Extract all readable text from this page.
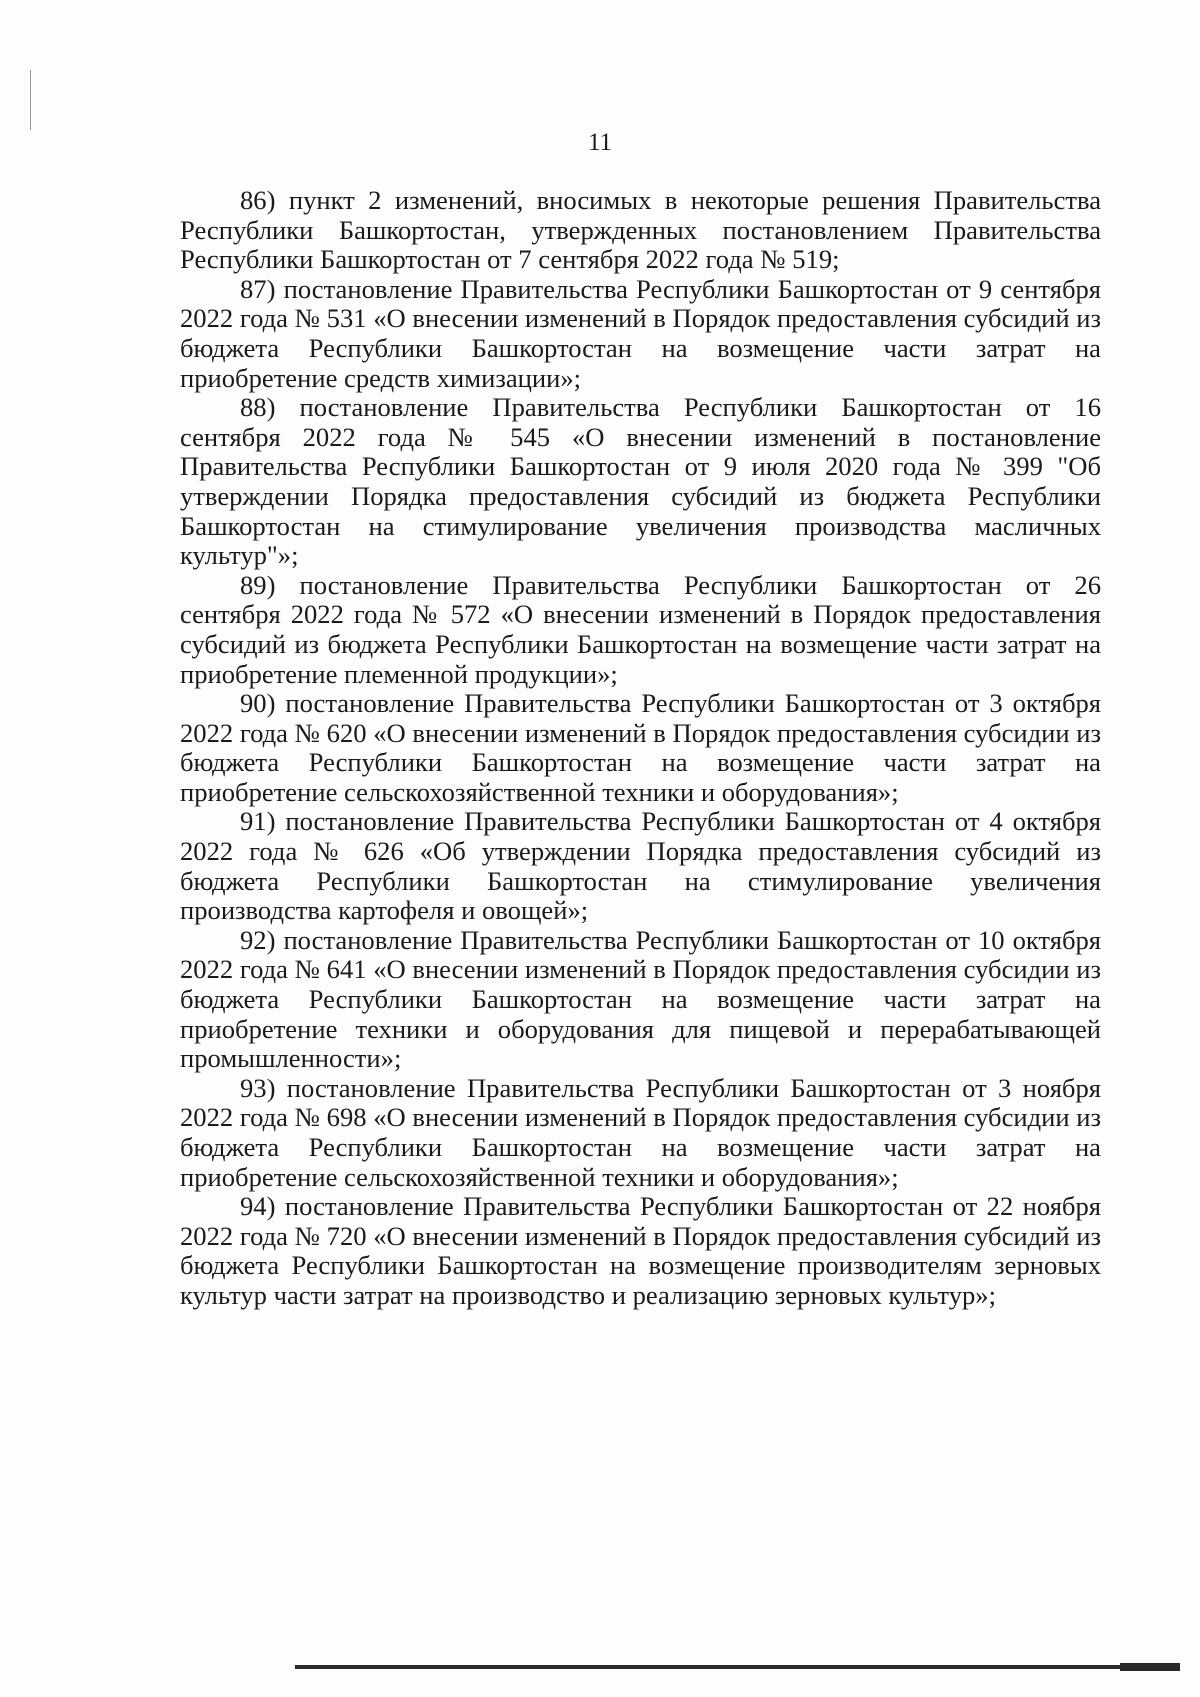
11

86) пункт 2 изменений, вносимых в некоторые решения Правительства Республики Башкортостан, утвержденных постановлением Правительства Республики Башкортостан от 7 сентября 2022 года № 519;

87) постановление Правительства Республики Башкортостан от 9 сентября 2022 года № 531 «О внесении изменений в Порядок предоставления субсидий из бюджета Республики Башкортостан на возмещение части затрат на приобретение средств химизации»;

88) постановление Правительства Республики Башкортостан от 16 сентября 2022 года № 545 «О внесении изменений в постановление Правительства Республики Башкортостан от 9 июля 2020 года № 399 "Об утверждении Порядка предоставления субсидий из бюджета Республики Башкортостан на стимулирование увеличения производства масличных культур"»;

89) постановление Правительства Республики Башкортостан от 26 сентября 2022 года № 572 «О внесении изменений в Порядок предоставления субсидий из бюджета Республики Башкортостан на возмещение части затрат на приобретение племенной продукции»;

90) постановление Правительства Республики Башкортостан от 3 октября 2022 года № 620 «О внесении изменений в Порядок предоставления субсидии из бюджета Республики Башкортостан на возмещение части затрат на приобретение сельскохозяйственной техники и оборудования»;

91) постановление Правительства Республики Башкортостан от 4 октября 2022 года № 626 «Об утверждении Порядка предоставления субсидий из бюджета Республики Башкортостан на стимулирование увеличения производства картофеля и овощей»;

92) постановление Правительства Республики Башкортостан от 10 октября 2022 года № 641 «О внесении изменений в Порядок предоставления субсидии из бюджета Республики Башкортостан на возмещение части затрат на приобретение техники и оборудования для пищевой и перерабатывающей промышленности»;

93) постановление Правительства Республики Башкортостан от 3 ноября 2022 года № 698 «О внесении изменений в Порядок предоставления субсидии из бюджета Республики Башкортостан на возмещение части затрат на приобретение сельскохозяйственной техники и оборудования»;

94) постановление Правительства Республики Башкортостан от 22 ноября 2022 года № 720 «О внесении изменений в Порядок предоставления субсидий из бюджета Республики Башкортостан на возмещение производителям зерновых культур части затрат на производство и реализацию зерновых культур»;
